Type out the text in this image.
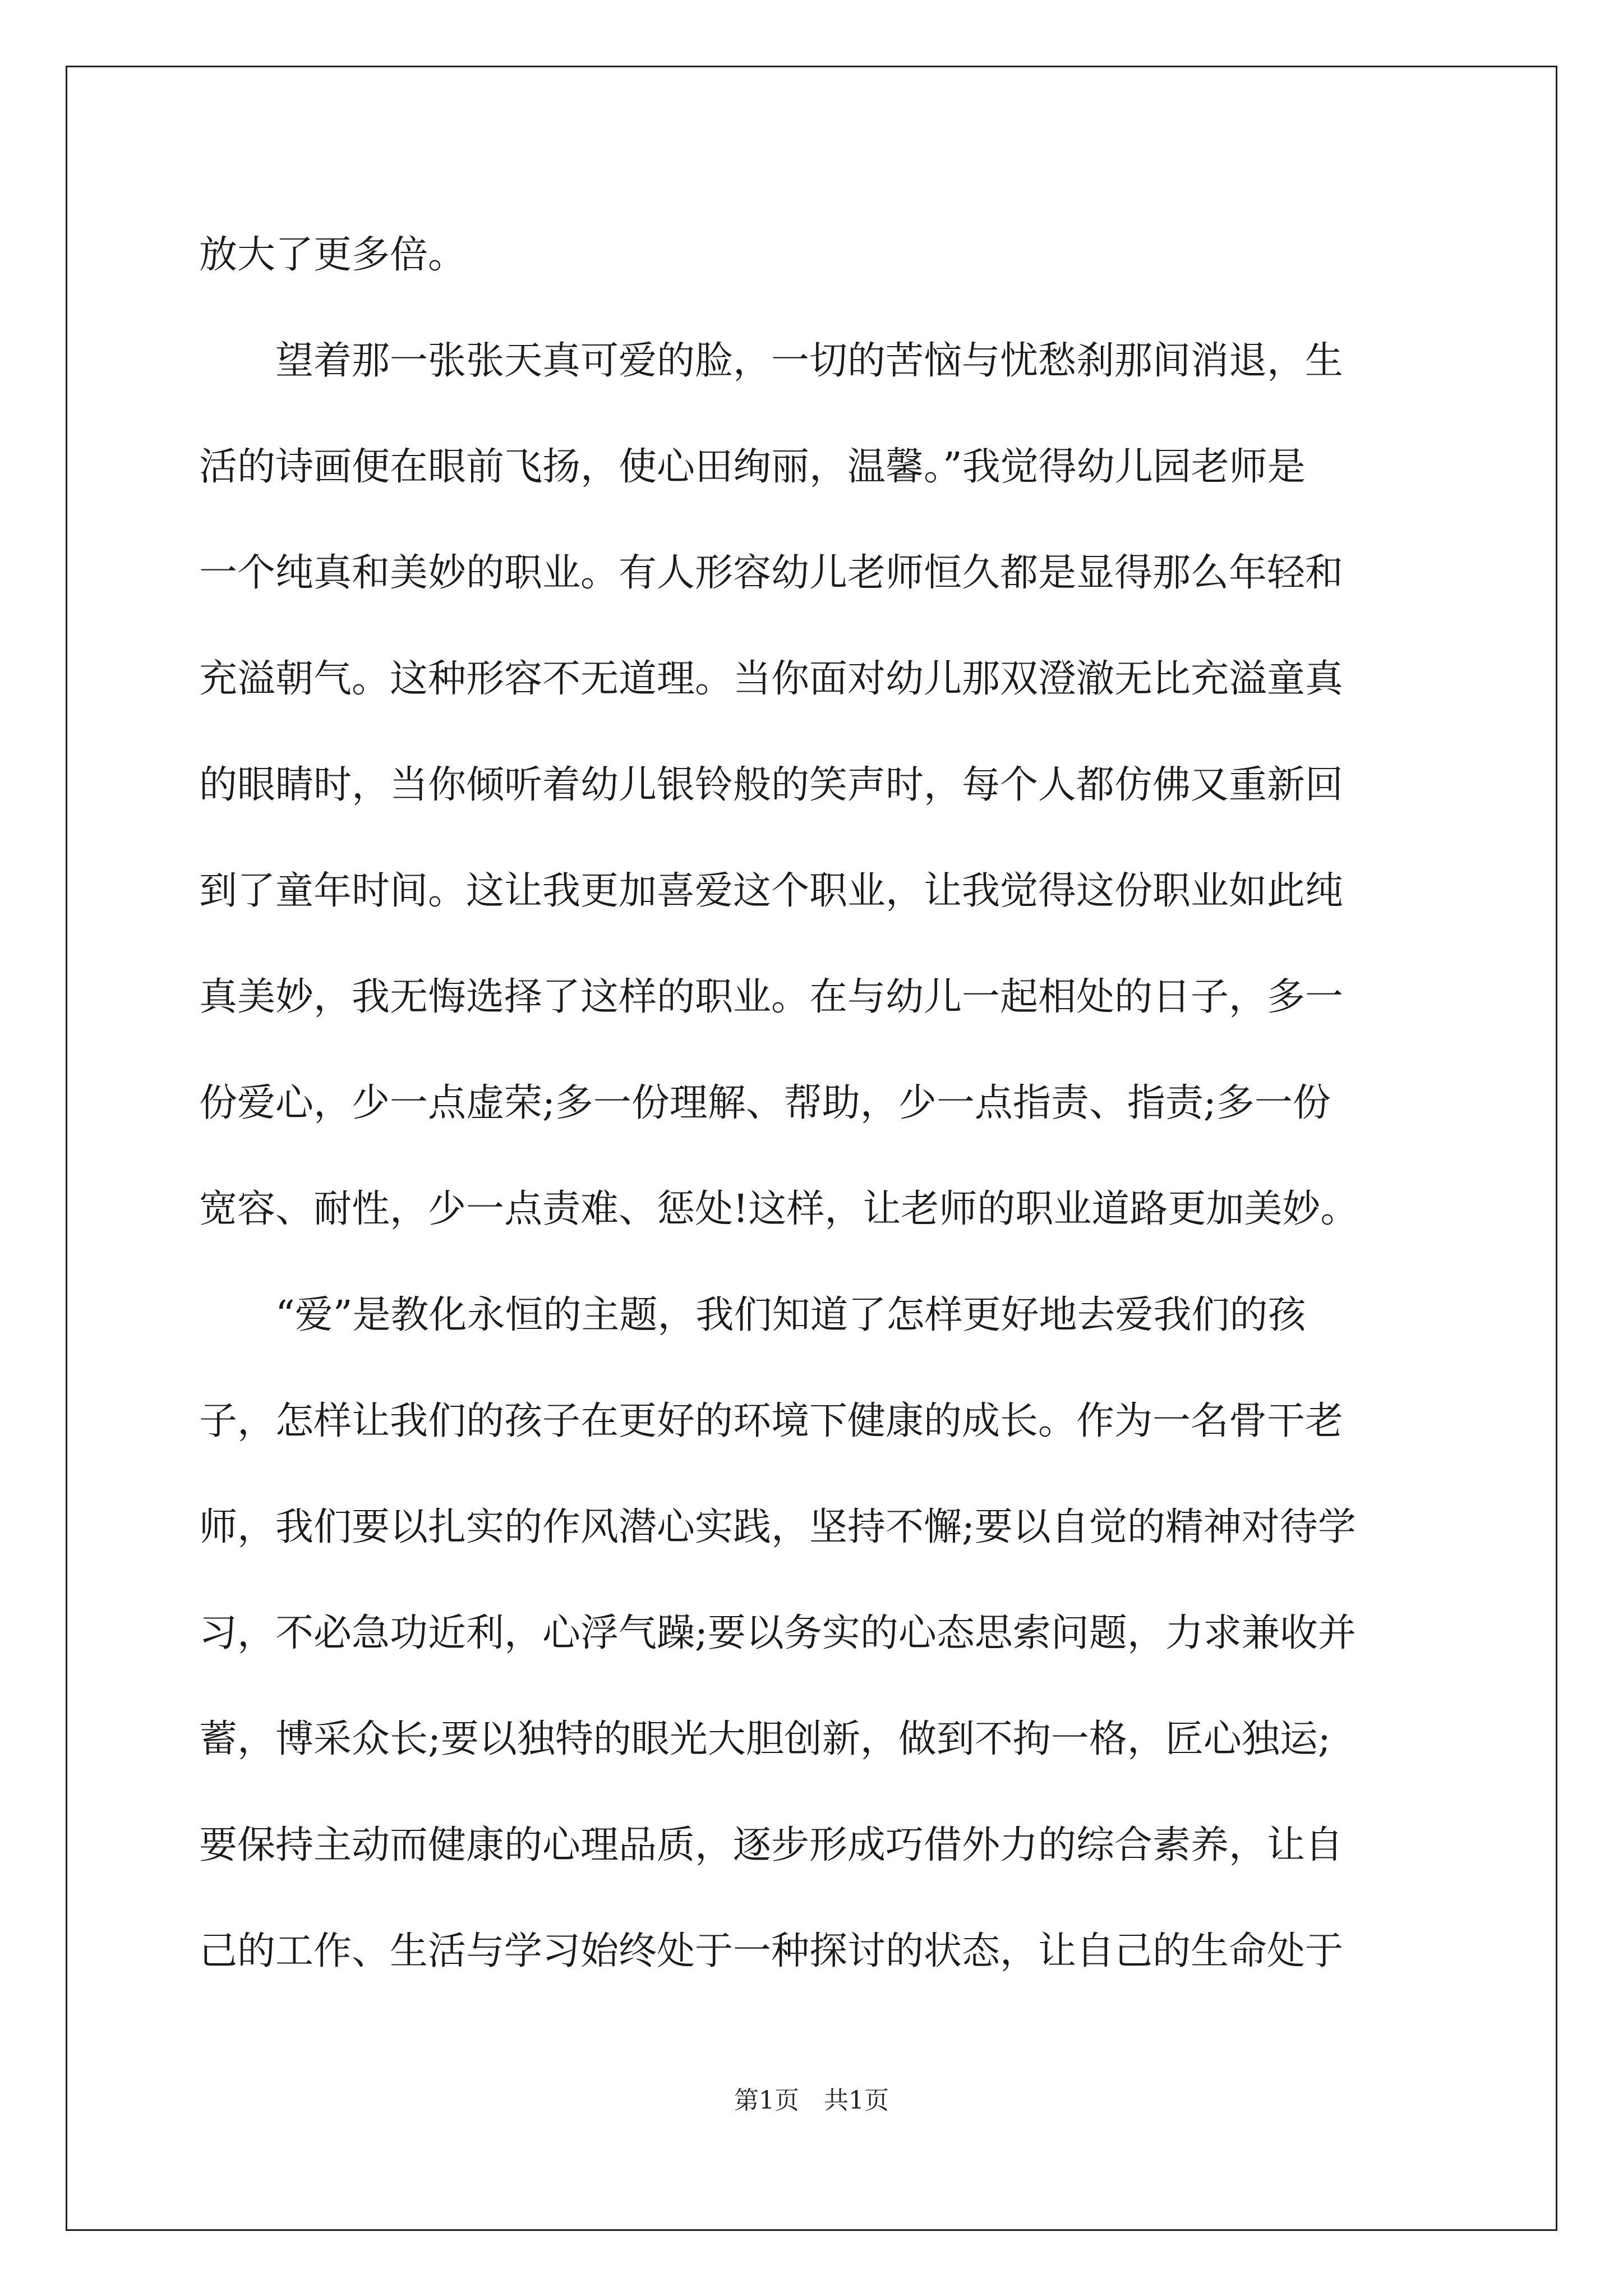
放大了更多倍。
望着那一张张天真可爱的脸，一切的苦恼与忧愁刹那间消退，生
活的诗画便在眼前飞扬，使心田绚丽，温馨。”我觉得幼儿园老师是
一个纯真和美妙的职业。有人形容幼儿老师恒久都是显得那么年轻和
充溢朝气。这种形容不无道理。当你面对幼儿那双澄澈无比充溢童真
的眼睛时，当你倾听着幼儿银铃般的笑声时，每个人都仿佛又重新回
到了童年时间。这让我更加喜爱这个职业，让我觉得这份职业如此纯
真美妙，我无悔选择了这样的职业。在与幼儿一起相处的日子，多一
份爱心，少一点虚荣;多一份理解、帮助，少一点指责、指责;多一份
宽容、耐性，少一点责难、惩处!这样，让老师的职业道路更加美妙。
“爱”是教化永恒的主题，我们知道了怎样更好地去爱我们的孩
子，怎样让我们的孩子在更好的环境下健康的成长。作为一名骨干老
师，我们要以扎实的作风潜心实践，坚持不懈;要以自觉的精神对待学
习，不必急功近利，心浮气躁;要以务实的心态思索问题，力求兼收并
蓄，博采众长;要以独特的眼光大胆创新，做到不拘一格，匠心独运;
要保持主动而健康的心理品质，逐步形成巧借外力的综合素养，让自
己的工作、生活与学习始终处于一种探讨的状态，让自己的生命处于
第1页　共1页
